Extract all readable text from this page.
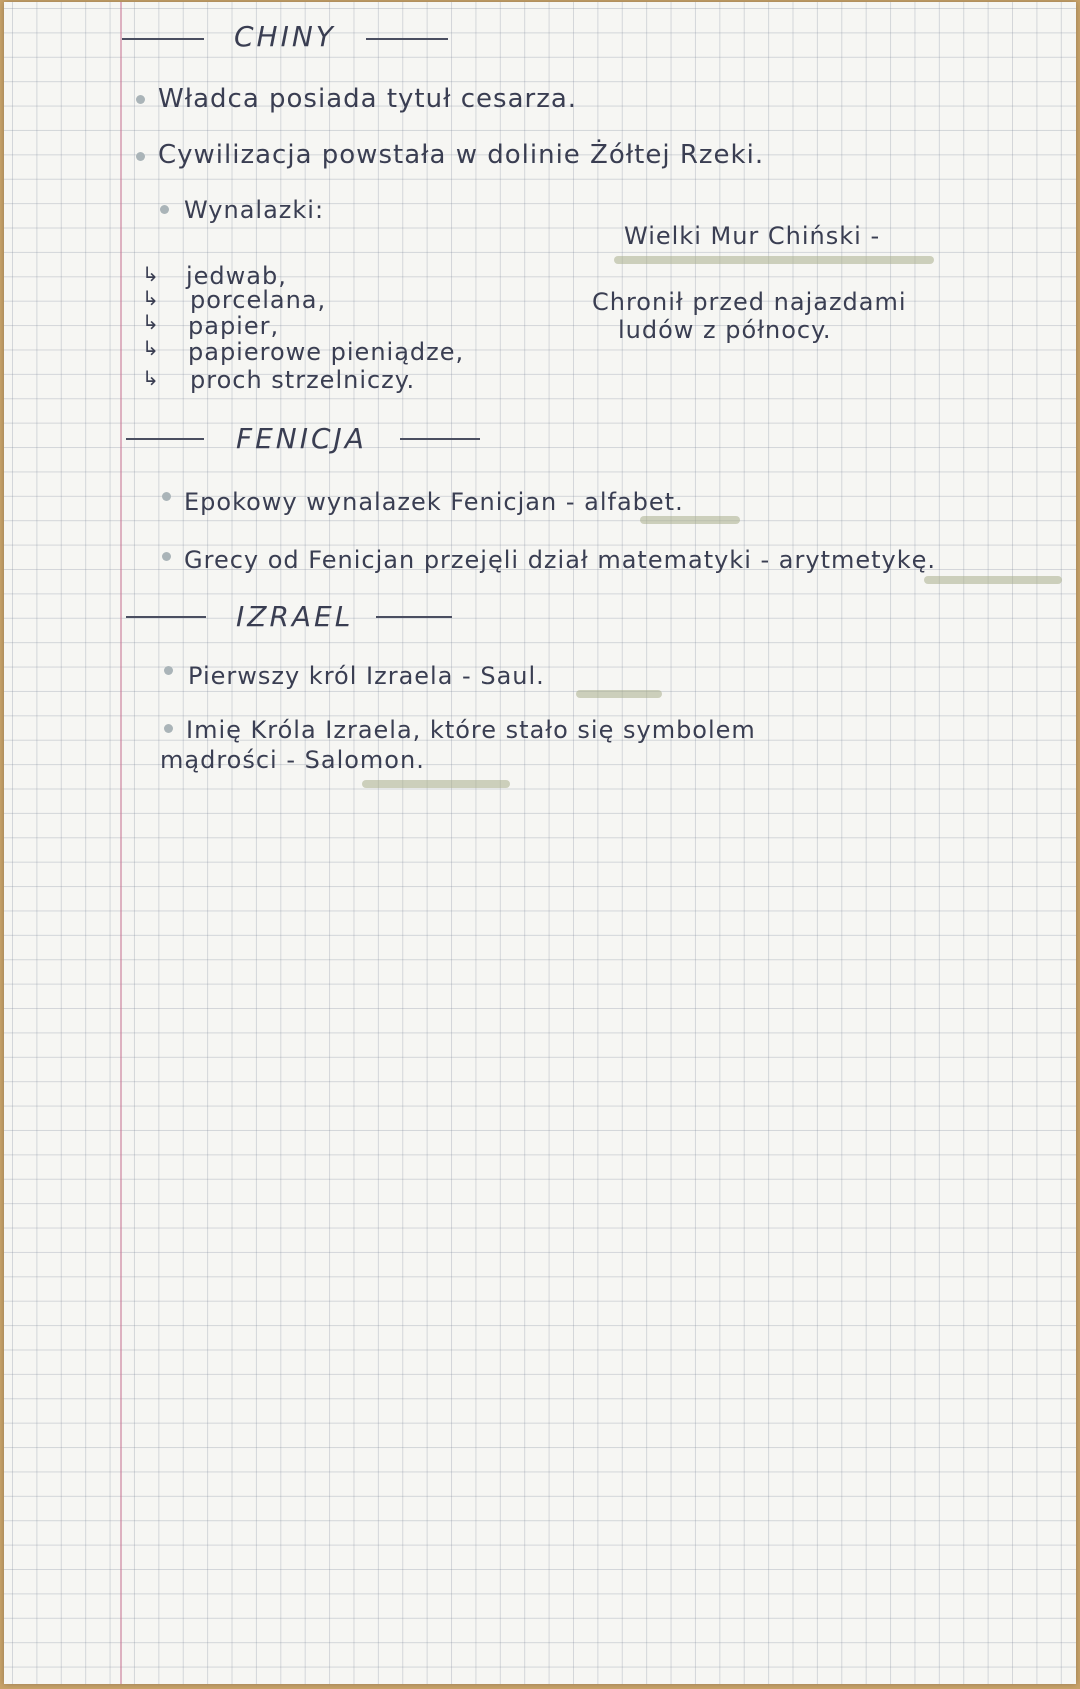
CHINY
Władca posiada tytuł cesarza.
Cywilizacja powstała w dolinie Żółtej Rzeki.
Wynalazki:
↳ jedwab,
↳ porcelana,
↳ papier,
↳ papierowe pieniądze,
↳ proch strzelniczy.
Wielki Mur Chiński -
Chronił przed najazdami
ludów z północy.
FENICJA
Epokowy wynalazek Fenicjan - alfabet.
Grecy od Fenicjan przejęli dział matematyki - arytmetykę.
IZRAEL
Pierwszy król Izraela - Saul.
Imię Króla Izraela, które stało się symbolem
mądrości - Salomon.
